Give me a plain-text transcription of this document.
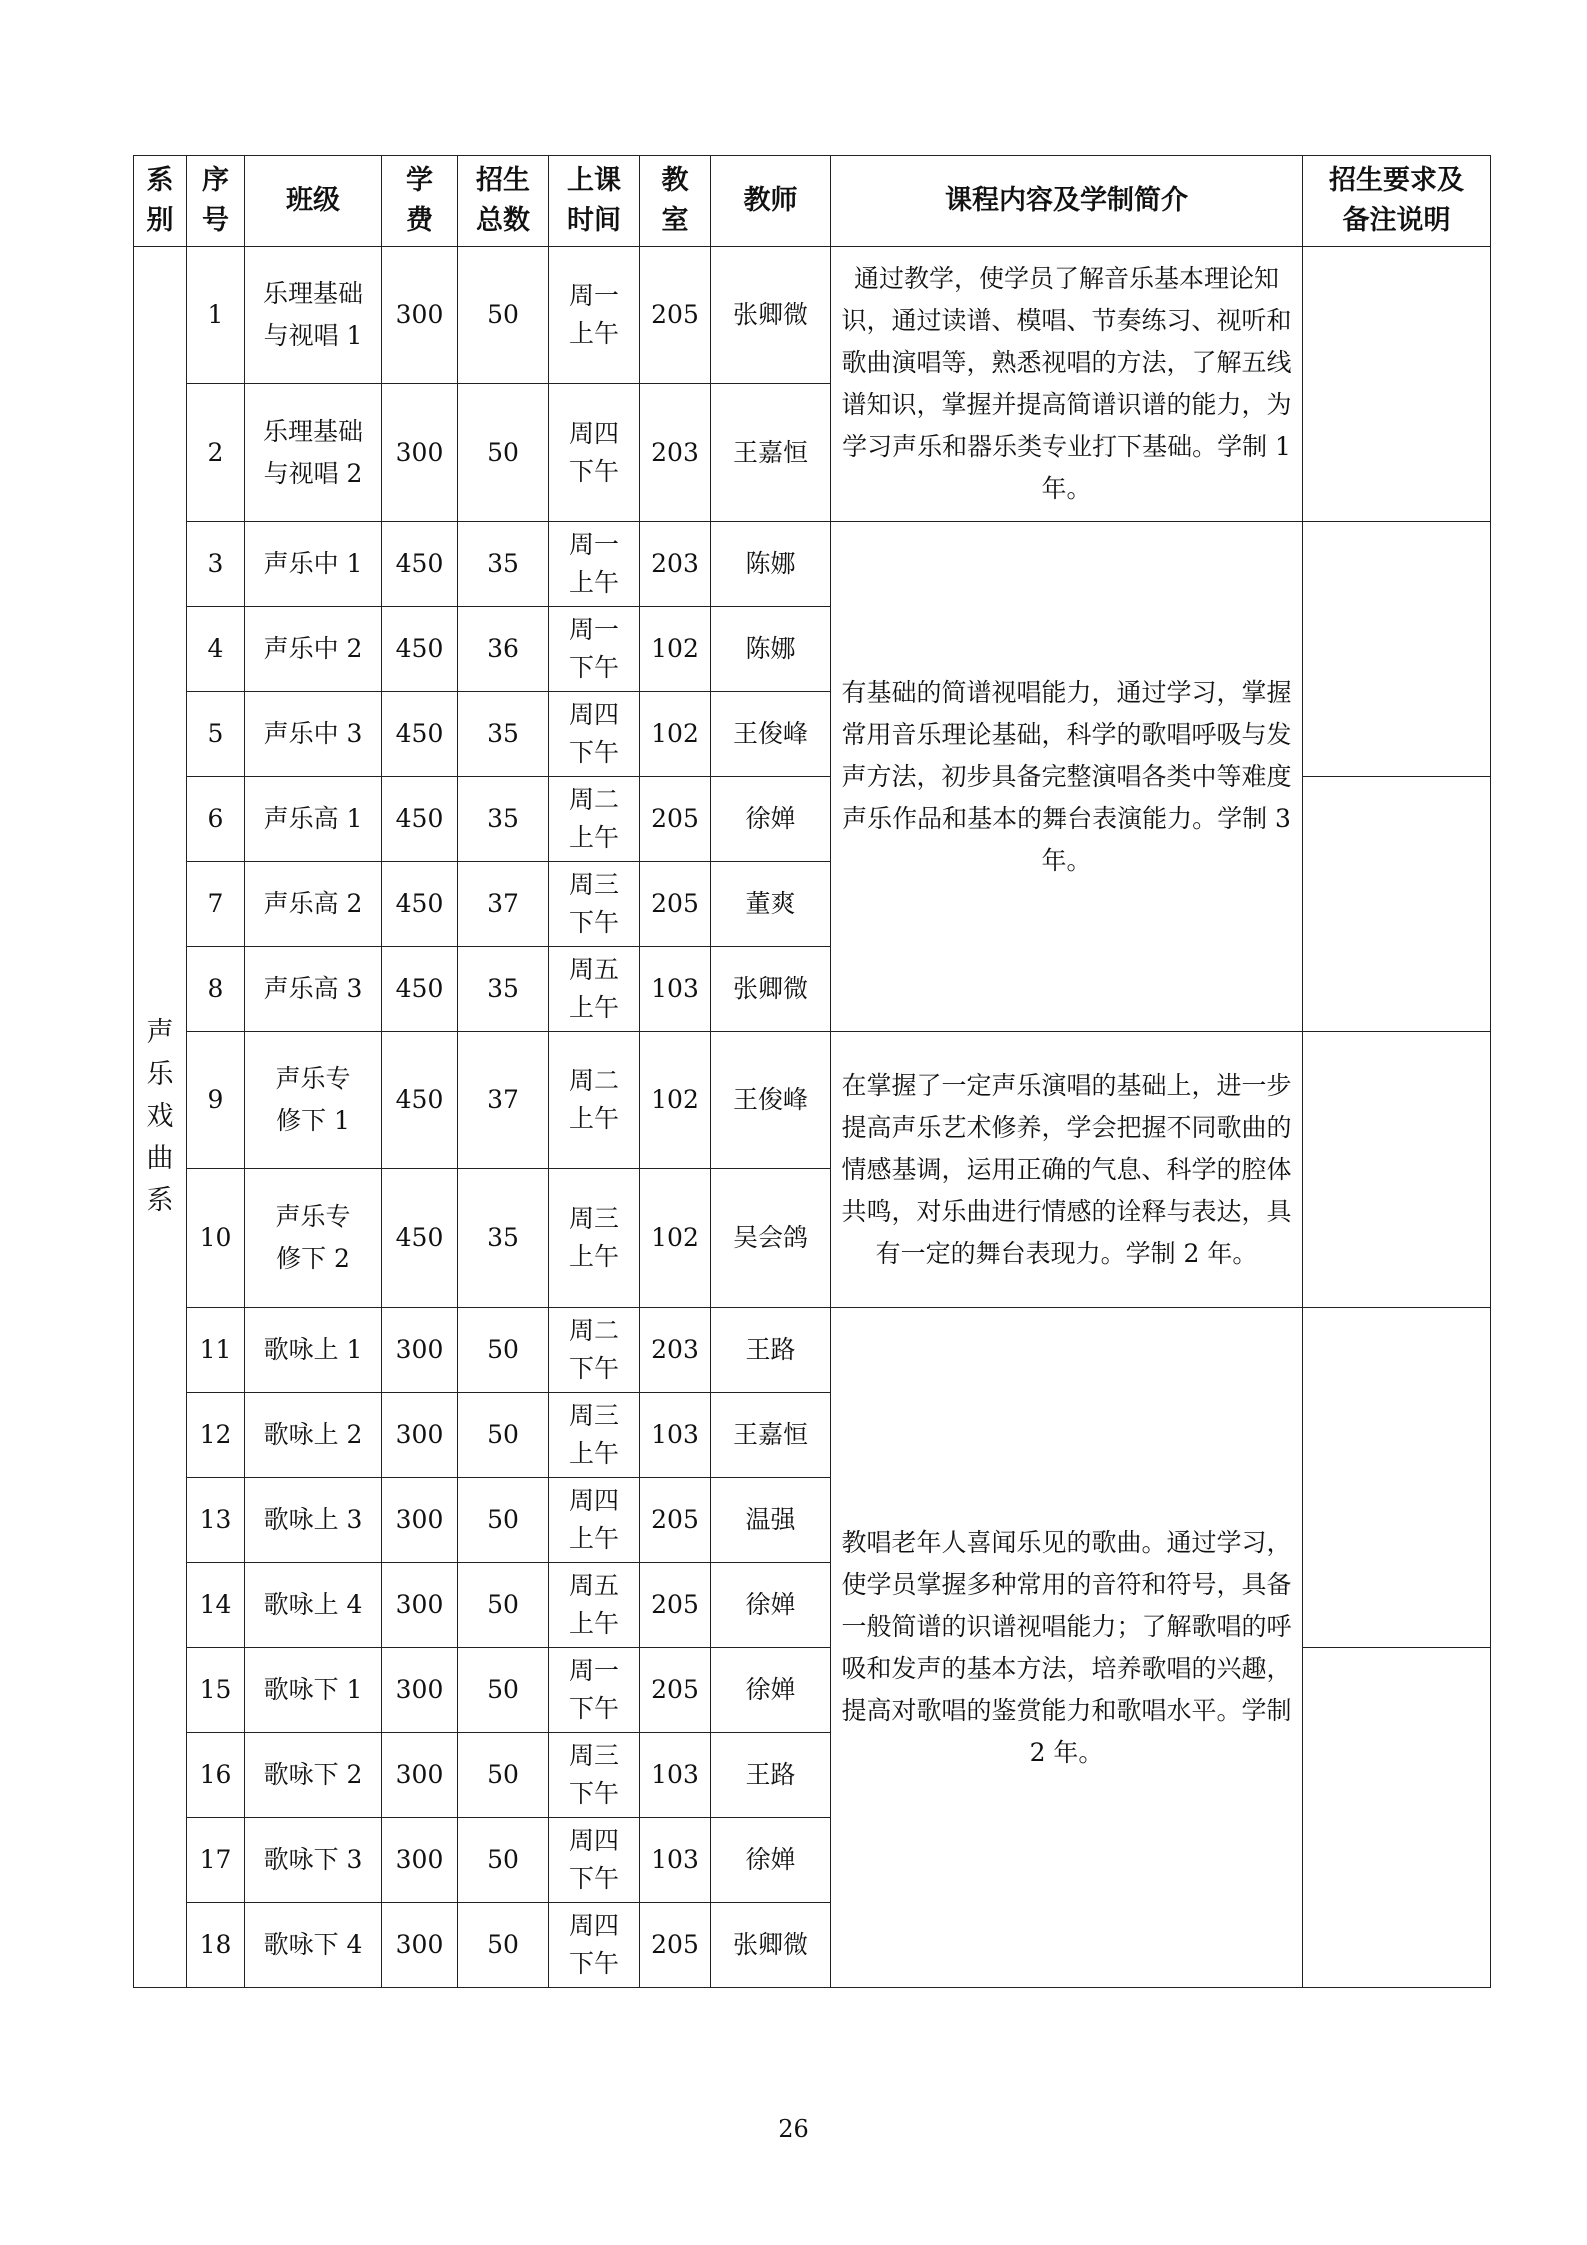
系别	序号	班级	学费	招生总数	上课时间	教室	教师	课程内容及学制简介	招生要求及备注说明

声乐戏曲系	1	乐理基础与视唱 1	300	50	周一上午	205	张卿微	通过教学，使学员了解音乐基本理论知识，通过读谱、模唱、节奏练习、视听和歌曲演唱等，熟悉视唱的方法，了解五线谱知识，掌握并提高简谱识谱的能力，为学习声乐和器乐类专业打下基础。学制 1 年。	
	2	乐理基础与视唱 2	300	50	周四下午	203	王嘉恒		
	3	声乐中 1	450	35	周一上午	203	陈娜	有基础的简谱视唱能力，通过学习，掌握常用音乐理论基础，科学的歌唱呼吸与发声方法，初步具备完整演唱各类中等难度声乐作品和基本的舞台表演能力。学制 3 年。	
	4	声乐中 2	450	36	周一下午	102	陈娜		
	5	声乐中 3	450	35	周四下午	102	王俊峰		
	6	声乐高 1	450	35	周二上午	205	徐婵		
	7	声乐高 2	450	37	周三下午	205	董爽		
	8	声乐高 3	450	35	周五上午	103	张卿微		
	9	声乐专修下 1	450	37	周二上午	102	王俊峰	在掌握了一定声乐演唱的基础上，进一步提高声乐艺术修养，学会把握不同歌曲的情感基调，运用正确的气息、科学的腔体共鸣，对乐曲进行情感的诠释与表达，具有一定的舞台表现力。学制 2 年。	
	10	声乐专修下 2	450	35	周三上午	102	吴会鸽		
	11	歌咏上 1	300	50	周二下午	203	王路	教唱老年人喜闻乐见的歌曲。通过学习，使学员掌握多种常用的音符和符号，具备一般简谱的识谱视唱能力；了解歌唱的呼吸和发声的基本方法，培养歌唱的兴趣，提高对歌唱的鉴赏能力和歌唱水平。学制 2 年。	
	12	歌咏上 2	300	50	周三上午	103	王嘉恒		
	13	歌咏上 3	300	50	周四上午	205	温强		
	14	歌咏上 4	300	50	周五上午	205	徐婵		
	15	歌咏下 1	300	50	周一下午	205	徐婵		
	16	歌咏下 2	300	50	周三下午	103	王路		
	17	歌咏下 3	300	50	周四下午	103	徐婵		
	18	歌咏下 4	300	50	周四下午	205	张卿微		
26
